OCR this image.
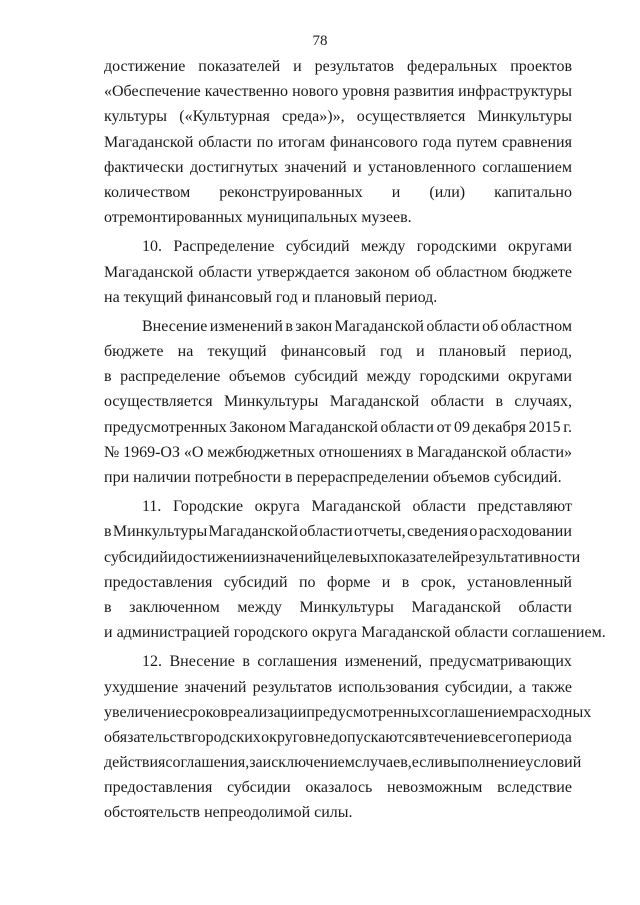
78
достижение показателей и результатов федеральных проектов
«Обеспечение качественно нового уровня развития инфраструктуры
культуры («Культурная среда»)», осуществляется Минкультуры
Магаданской области по итогам финансового года путем сравнения
фактически достигнутых значений и установленного соглашением
количеством реконструированных и (или) капитально
отремонтированных муниципальных музеев.
10. Распределение субсидий между городскими округами
Магаданской области утверждается законом об областном бюджете
на текущий финансовый год и плановый период.
Внесение изменений в закон Магаданской области об областном
бюджете на текущий финансовый год и плановый период,
в распределение объемов субсидий между городскими округами
осуществляется Минкультуры Магаданской области в случаях,
предусмотренных Законом Магаданской области от 09 декабря 2015 г.
№ 1969-ОЗ «О межбюджетных отношениях в Магаданской области»
при наличии потребности в перераспределении объемов субсидий.
11. Городские округа Магаданской области представляют
в Минкультуры Магаданской области отчеты, сведения о расходовании
субсидий и достижении значений целевых показателей результативности
предоставления субсидий по форме и в срок, установленный
в заключенном между Минкультуры Магаданской области
и администрацией городского округа Магаданской области соглашением.
12. Внесение в соглашения изменений, предусматривающих
ухудшение значений результатов использования субсидии, а также
увеличение сроков реализации предусмотренных соглашением расходных
обязательств городских округов не допускаются в течение всего периода
действия соглашения, за исключением случаев, если выполнение условий
предоставления субсидии оказалось невозможным вследствие
обстоятельств непреодолимой силы.
